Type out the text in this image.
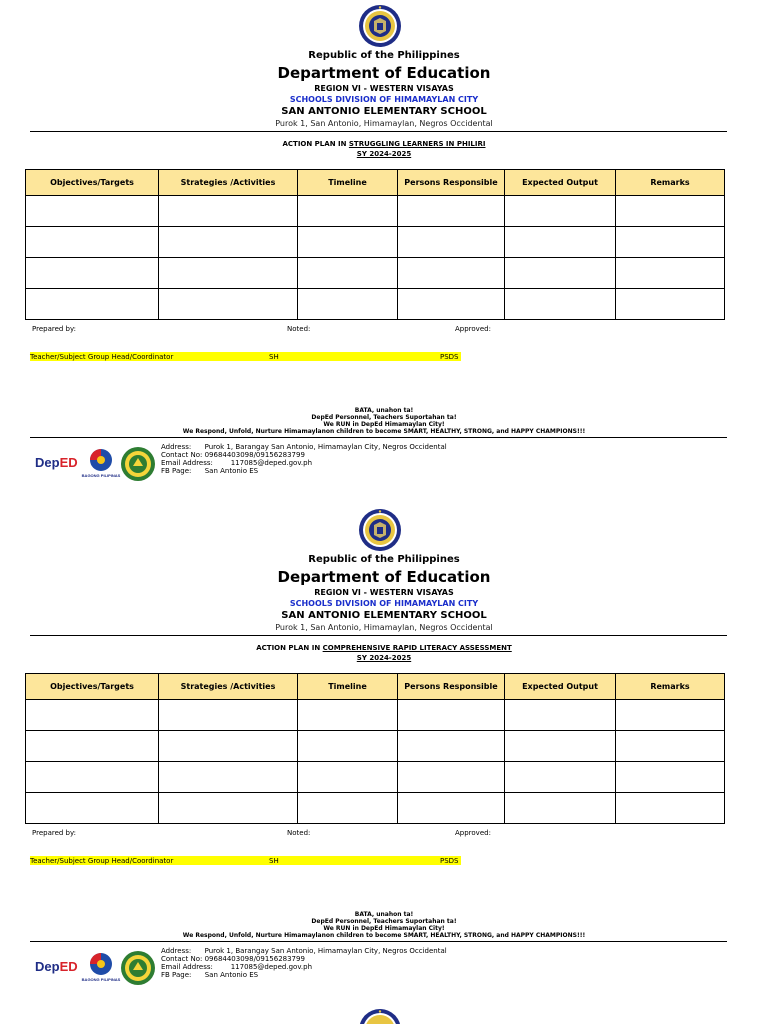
Republic of the Philippines
Department of Education
REGION VI - WESTERN VISAYAS
SCHOOLS DIVISION OF HIMAMAYLAN CITY
SAN ANTONIO ELEMENTARY SCHOOL
Purok 1, San Antonio, Himamaylan, Negros Occidental
ACTION PLAN IN STRUGGLING LEARNERS IN PHILIRI
SY 2024-2025
Objectives/Targets	Strategies /Activities	Timeline	Persons Responsible	Expected Output	Remarks

Prepared by:	Noted:	Approved:
Teacher/Subject Group Head/Coordinator	SH	PSDS
BATA, unahon ta!
DepEd Personnel, Teachers Suportahan ta!
We RUN in DepEd Himamaylan City!
We Respond, Unfold, Nurture Himamaylanon children to become SMART, HEALTHY, STRONG, and HAPPY CHAMPIONS!!!
DepED
BAGONG PILIPINAS
Address: Purok 1, Barangay San Antonio, Himamaylan City, Negros Occidental
Contact No: 09684403098/09156283799
Email Address:	117085@deped.gov.ph
FB Page: San Antonio ES
Republic of the Philippines
Department of Education
REGION VI - WESTERN VISAYAS
SCHOOLS DIVISION OF HIMAMAYLAN CITY
SAN ANTONIO ELEMENTARY SCHOOL
Purok 1, San Antonio, Himamaylan, Negros Occidental
ACTION PLAN IN COMPREHENSIVE RAPID LITERACY ASSESSMENT
SY 2024-2025
Objectives/Targets	Strategies /Activities	Timeline	Persons Responsible	Expected Output	Remarks

Prepared by:	Noted:	Approved:
Teacher/Subject Group Head/Coordinator	SH	PSDS
BATA, unahon ta!
DepEd Personnel, Teachers Suportahan ta!
We RUN in DepEd Himamaylan City!
We Respond, Unfold, Nurture Himamaylanon children to become SMART, HEALTHY, STRONG, and HAPPY CHAMPIONS!!!
DepED
BAGONG PILIPINAS
Address: Purok 1, Barangay San Antonio, Himamaylan City, Negros Occidental
Contact No: 09684403098/09156283799
Email Address:	117085@deped.gov.ph
FB Page: San Antonio ES
